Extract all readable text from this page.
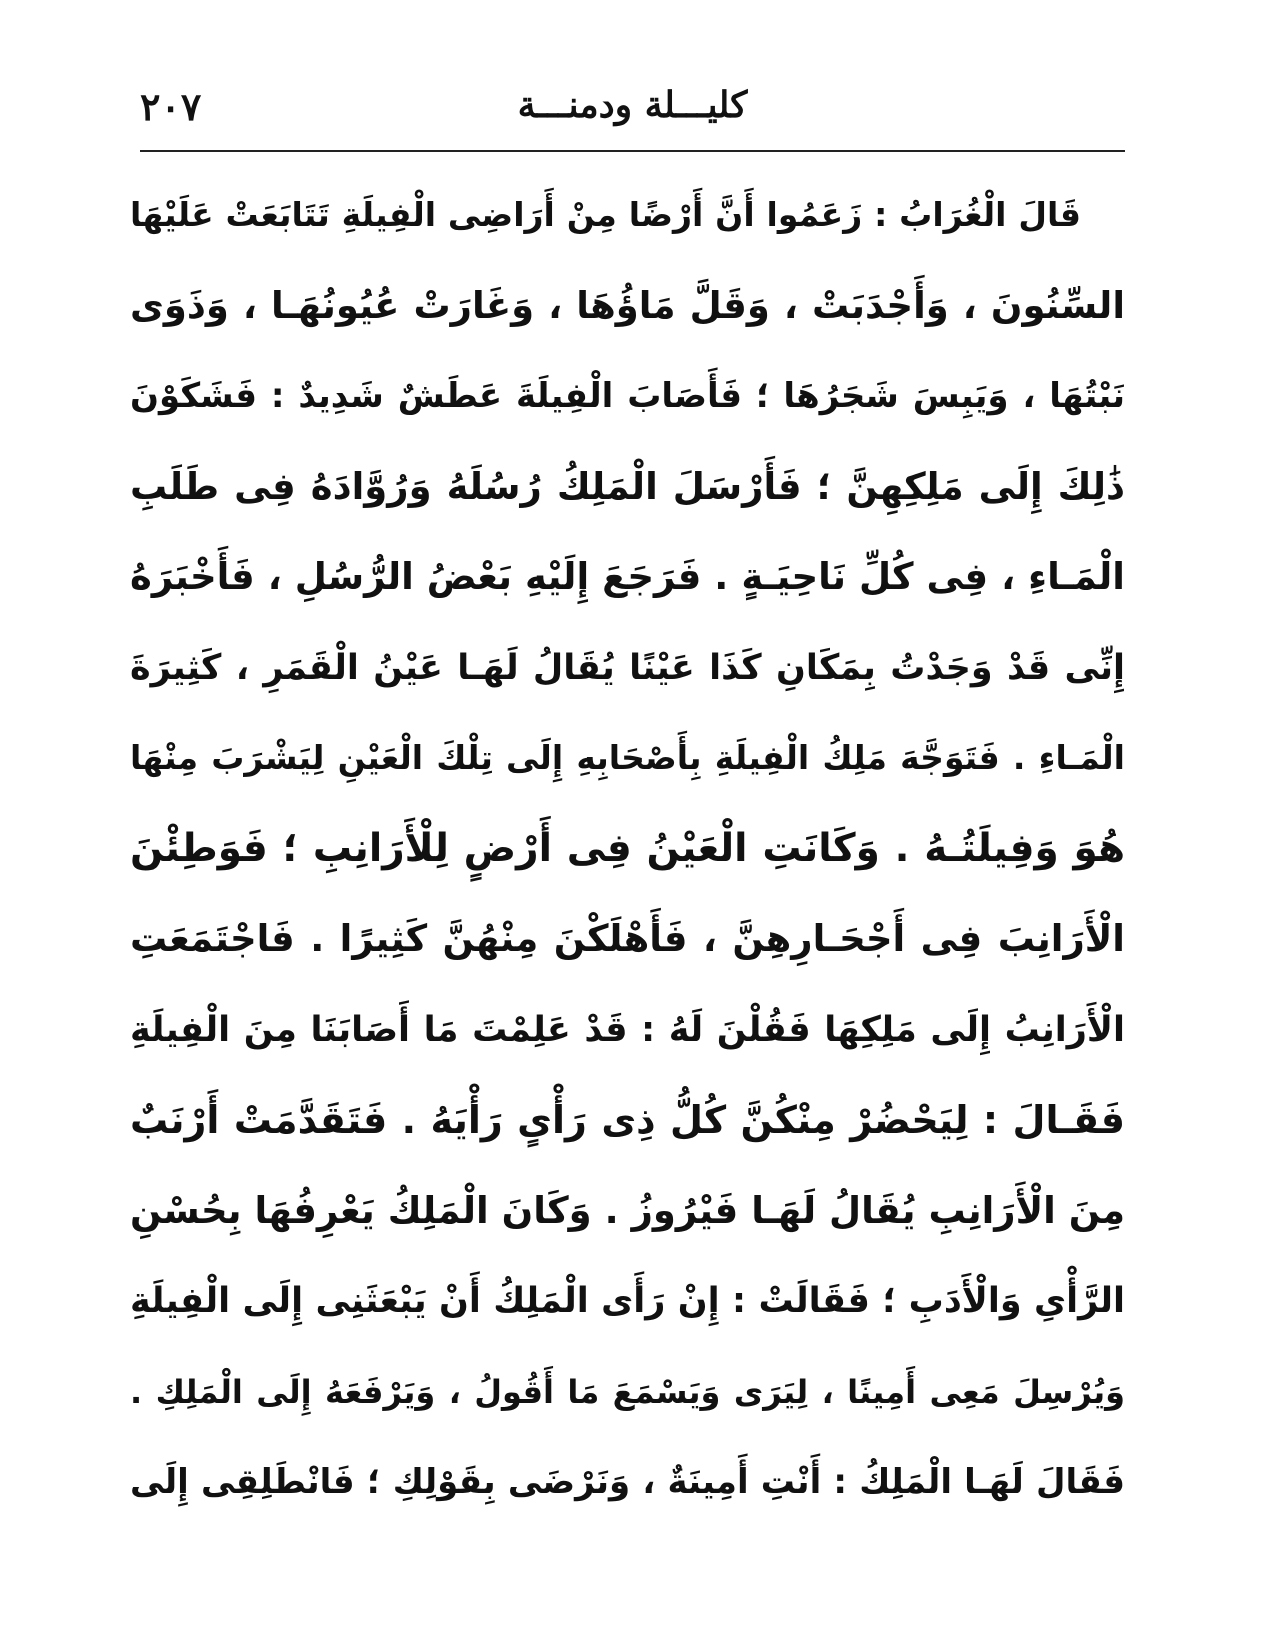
كليـــلة ودمنـــة
٢٠٧
قَالَ الْغُرَابُ : زَعَمُوا أَنَّ أَرْضًا مِنْ أَرَاضِى الْفِيلَةِ تَتَابَعَتْ عَلَيْهَا
السِّنُونَ ، وَأَجْدَبَتْ ، وَقَلَّ مَاؤُهَا ، وَغَارَتْ عُيُونُهَـا ، وَذَوَى
نَبْتُهَا ، وَيَبِسَ شَجَرُهَا ؛ فَأَصَابَ الْفِيلَةَ عَطَشٌ شَدِيدٌ : فَشَكَوْنَ
ذَٰلِكَ إِلَى مَلِكِهِنَّ ؛ فَأَرْسَلَ الْمَلِكُ رُسُلَهُ وَرُوَّادَهُ فِى طَلَبِ
الْمَـاءِ ، فِى كُلِّ نَاحِيَـةٍ . فَرَجَعَ إِلَيْهِ بَعْضُ الرُّسُلِ ، فَأَخْبَرَهُ
إِنِّى قَدْ وَجَدْتُ بِمَكَانِ كَذَا عَيْنًا يُقَالُ لَهَـا عَيْنُ الْقَمَرِ ، كَثِيرَةَ
الْمَـاءِ . فَتَوَجَّهَ مَلِكُ الْفِيلَةِ بِأَصْحَابِهِ إِلَى تِلْكَ الْعَيْنِ لِيَشْرَبَ مِنْهَا
هُوَ وَفِيلَتُـهُ . وَكَانَتِ الْعَيْنُ فِى أَرْضٍ لِلْأَرَانِبِ ؛ فَوَطِئْنَ
الْأَرَانِبَ فِى أَجْحَـارِهِنَّ ، فَأَهْلَكْنَ مِنْهُنَّ كَثِيرًا . فَاجْتَمَعَتِ
الْأَرَانِبُ إِلَى مَلِكِهَا فَقُلْنَ لَهُ : قَدْ عَلِمْتَ مَا أَصَابَنَا مِنَ الْفِيلَةِ
فَقَـالَ : لِيَحْضُرْ مِنْكُنَّ كُلُّ ذِى رَأْىٍ رَأْيَهُ . فَتَقَدَّمَتْ أَرْنَبٌ
مِنَ الْأَرَانِبِ يُقَالُ لَهَـا فَيْرُوزُ . وَكَانَ الْمَلِكُ يَعْرِفُهَا بِحُسْنِ
الرَّأْىِ وَالْأَدَبِ ؛ فَقَالَتْ : إِنْ رَأَى الْمَلِكُ أَنْ يَبْعَثَنِى إِلَى الْفِيلَةِ
وَيُرْسِلَ مَعِى أَمِينًا ، لِيَرَى وَيَسْمَعَ مَا أَقُولُ ، وَيَرْفَعَهُ إِلَى الْمَلِكِ .
فَقَالَ لَهَـا الْمَلِكُ : أَنْتِ أَمِينَةٌ ، وَنَرْضَى بِقَوْلِكِ ؛ فَانْطَلِقِى إِلَى
